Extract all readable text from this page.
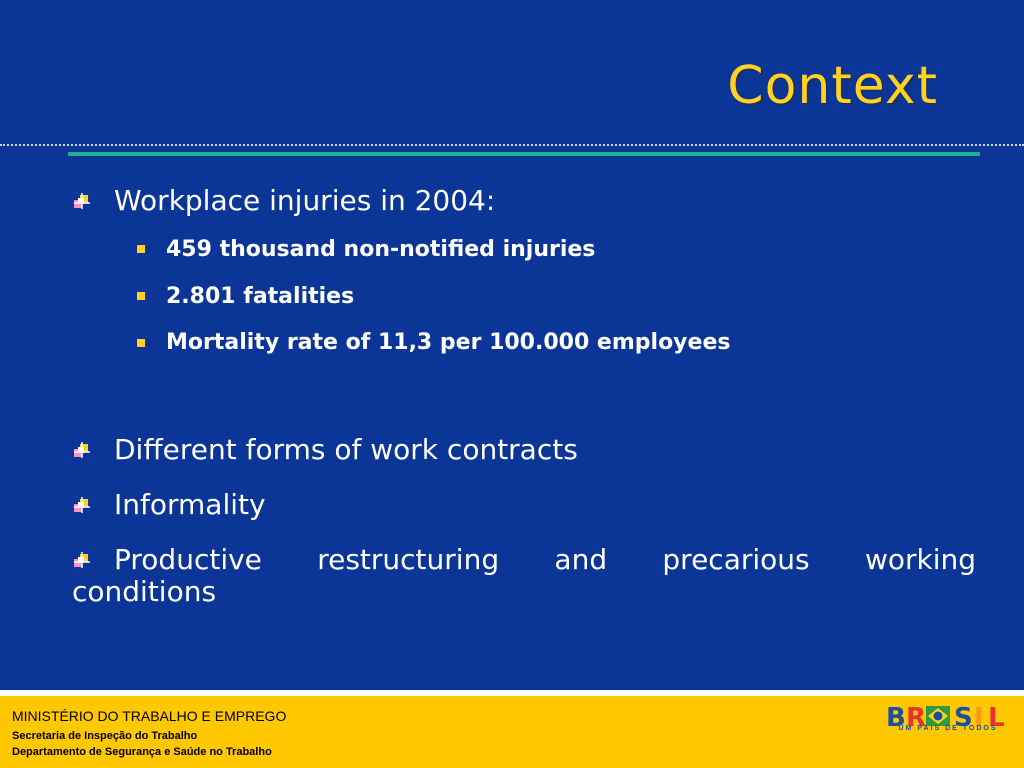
Context
Workplace injuries in 2004:
459 thousand non-notified injuries
2.801 fatalities
Mortality rate of 11,3 per 100.000 employees
Different forms of work contracts
Informality
Productive restructuring and precarious working
conditions
MINISTÉRIO DO TRABALHO E EMPREGO
Secretaria de Inspeção do Trabalho
Departamento de Segurança e Saúde no Trabalho
B R S I L
UM PAÍS DE TODOS
